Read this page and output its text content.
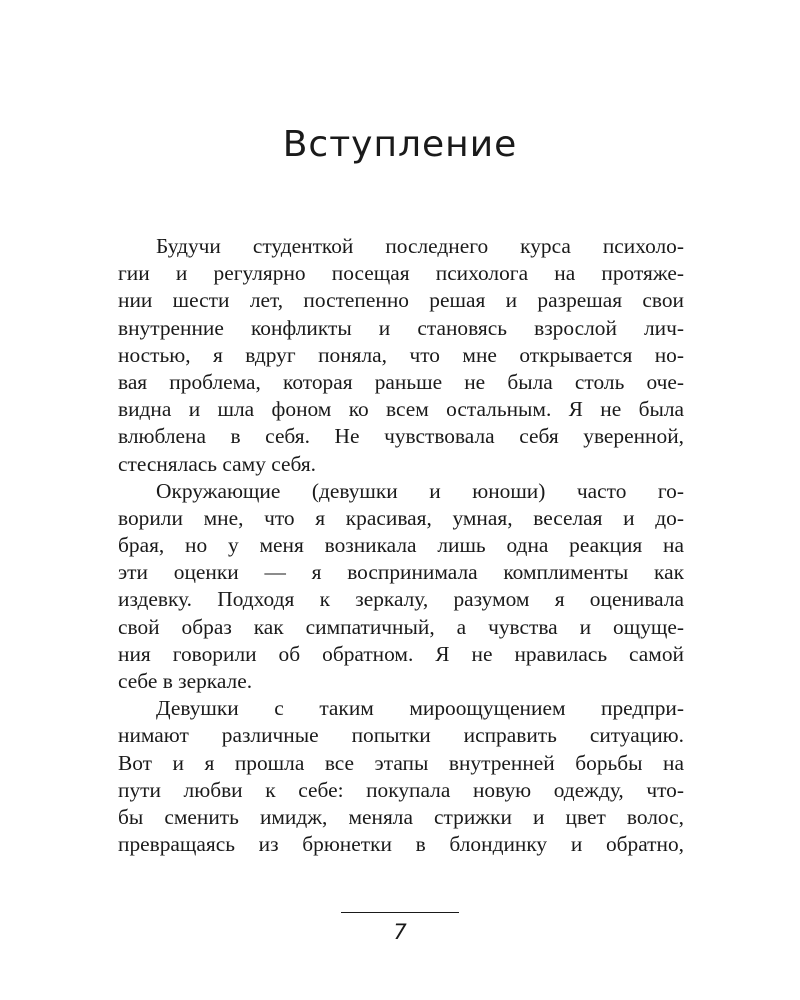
Вступление
Будучи студенткой последнего курса психоло-
гии и регулярно посещая психолога на протяже-
нии шести лет, постепенно решая и разрешая свои
внутренние конфликты и становясь взрослой лич-
ностью, я вдруг поняла, что мне открывается но-
вая проблема, которая раньше не была столь оче-
видна и шла фоном ко всем остальным. Я не была
влюблена в себя. Не чувствовала себя уверенной,
стеснялась саму себя.
Окружающие (девушки и юноши) часто го-
ворили мне, что я красивая, умная, веселая и до-
брая, но у меня возникала лишь одна реакция на
эти оценки — я воспринимала комплименты как
издевку. Подходя к зеркалу, разумом я оценивала
свой образ как симпатичный, а чувства и ощуще-
ния говорили об обратном. Я не нравилась самой
себе в зеркале.
Девушки с таким мироощущением предпри-
нимают различные попытки исправить ситуацию.
Вот и я прошла все этапы внутренней борьбы на
пути любви к себе: покупала новую одежду, что-
бы сменить имидж, меняла стрижки и цвет волос,
превращаясь из брюнетки в блондинку и обратно,
7
